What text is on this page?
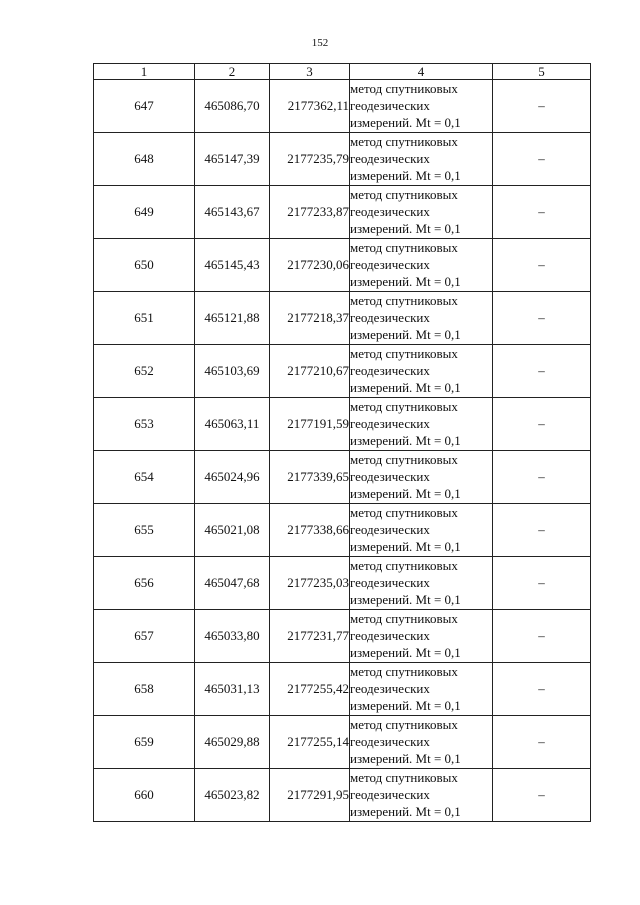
152
1	2	3	4	5
647	465086,70	2177362,11	метод спутниковых
геодезических
измерений. Mt = 0,1	–
648	465147,39	2177235,79	метод спутниковых
геодезических
измерений. Mt = 0,1	–
649	465143,67	2177233,87	метод спутниковых
геодезических
измерений. Mt = 0,1	–
650	465145,43	2177230,06	метод спутниковых
геодезических
измерений. Mt = 0,1	–
651	465121,88	2177218,37	метод спутниковых
геодезических
измерений. Mt = 0,1	–
652	465103,69	2177210,67	метод спутниковых
геодезических
измерений. Mt = 0,1	–
653	465063,11	2177191,59	метод спутниковых
геодезических
измерений. Mt = 0,1	–
654	465024,96	2177339,65	метод спутниковых
геодезических
измерений. Mt = 0,1	–
655	465021,08	2177338,66	метод спутниковых
геодезических
измерений. Mt = 0,1	–
656	465047,68	2177235,03	метод спутниковых
геодезических
измерений. Mt = 0,1	–
657	465033,80	2177231,77	метод спутниковых
геодезических
измерений. Mt = 0,1	–
658	465031,13	2177255,42	метод спутниковых
геодезических
измерений. Mt = 0,1	–
659	465029,88	2177255,14	метод спутниковых
геодезических
измерений. Mt = 0,1	–
660	465023,82	2177291,95	метод спутниковых
геодезических
измерений. Mt = 0,1	–
